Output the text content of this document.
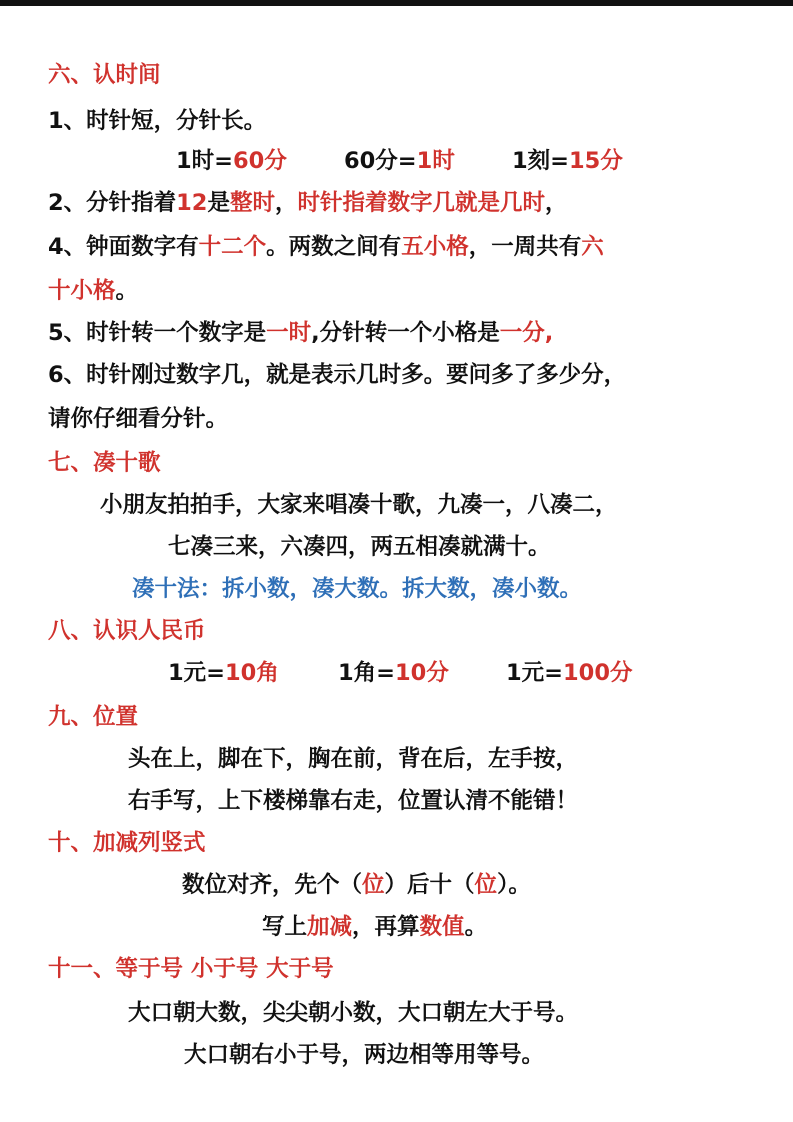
六、认时间
1、时针短，分针长。
1时=60分	60分=1时	1刻=15分
2、分针指着12是整时，时针指着数字几就是几时，
4、钟面数字有十二个。两数之间有五小格，一周共有六
十小格。
5、时针转一个数字是一时,分针转一个小格是一分,
6、时针刚过数字几，就是表示几时多。要问多了多少分，
请你仔细看分针。
七、凑十歌
小朋友拍拍手，大家来唱凑十歌，九凑一，八凑二，
七凑三来，六凑四，两五相凑就满十。
凑十法：拆小数，凑大数。拆大数，凑小数。
八、认识人民币
1元=10角	1角=10分	1元=100分
九、位置
头在上，脚在下，胸在前，背在后，左手按，
右手写，上下楼梯靠右走，位置认清不能错！
十、加减列竖式
数位对齐，先个（位）后十（位）。
写上加减，再算数值。
十一、等于号 小于号 大于号
大口朝大数，尖尖朝小数，大口朝左大于号。
大口朝右小于号，两边相等用等号。
